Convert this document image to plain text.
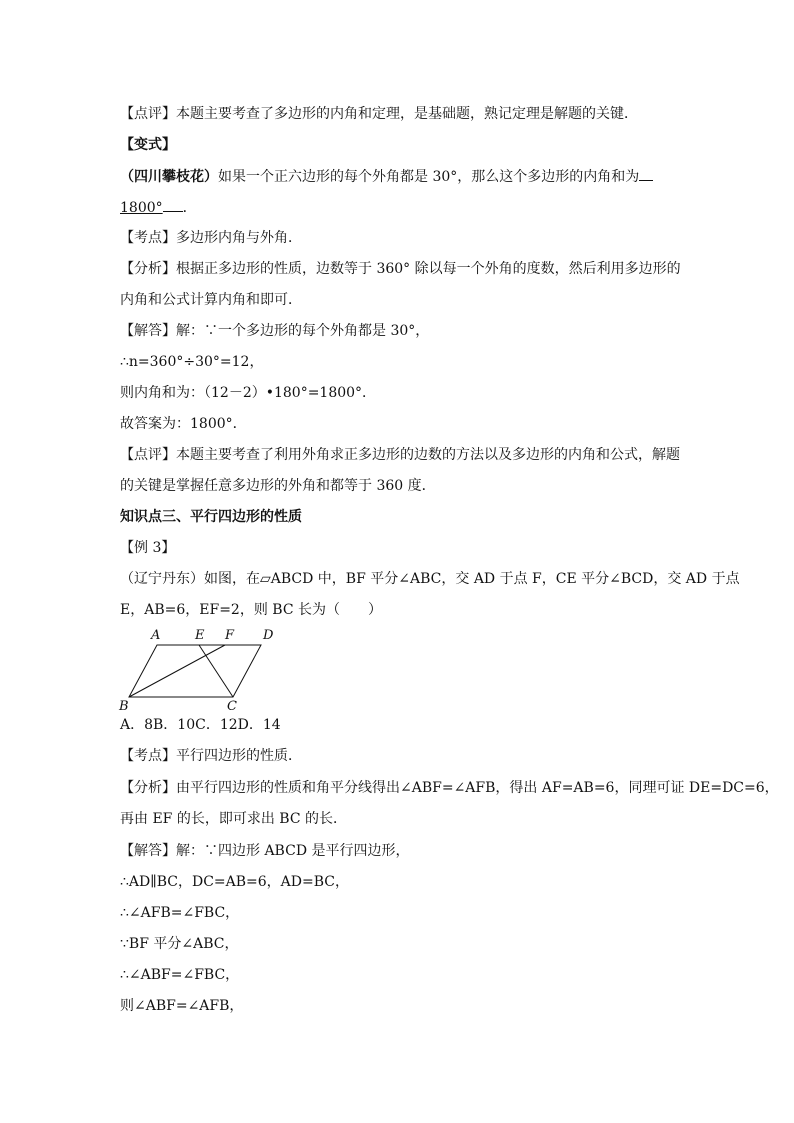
【点评】本题主要考查了多边形的内角和定理，是基础题，熟记定理是解题的关键．
【变式】
（四川攀枝花）如果一个正六边形的每个外角都是 30°，那么这个多边形的内角和为
1800° ．
【考点】多边形内角与外角．
【分析】根据正多边形的性质，边数等于 360° 除以每一个外角的度数，然后利用多边形的
内角和公式计算内角和即可．
【解答】解：∵一个多边形的每个外角都是 30°，
∴n=360°÷30°=12，
则内角和为：（12－2）•180°=1800°．
故答案为：1800°．
【点评】本题主要考查了利用外角求正多边形的边数的方法以及多边形的内角和公式，解题
的关键是掌握任意多边形的外角和都等于 360 度．
知识点三、平行四边形的性质
【例 3】
（辽宁丹东）如图，在▱ABCD 中，BF 平分∠ABC，交 AD 于点 F，CE 平分∠BCD，交 AD 于点
E，AB=6，EF=2，则 BC 长为（　　）
A	E F D
B	C
A．8B．10C．12D．14
【考点】平行四边形的性质．
【分析】由平行四边形的性质和角平分线得出∠ABF=∠AFB，得出 AF=AB=6，同理可证 DE=DC=6，
再由 EF 的长，即可求出 BC 的长．
【解答】解：∵四边形 ABCD 是平行四边形，
∴AD∥BC，DC=AB=6，AD=BC，
∴∠AFB=∠FBC，
∵BF 平分∠ABC，
∴∠ABF=∠FBC，
则∠ABF=∠AFB，
